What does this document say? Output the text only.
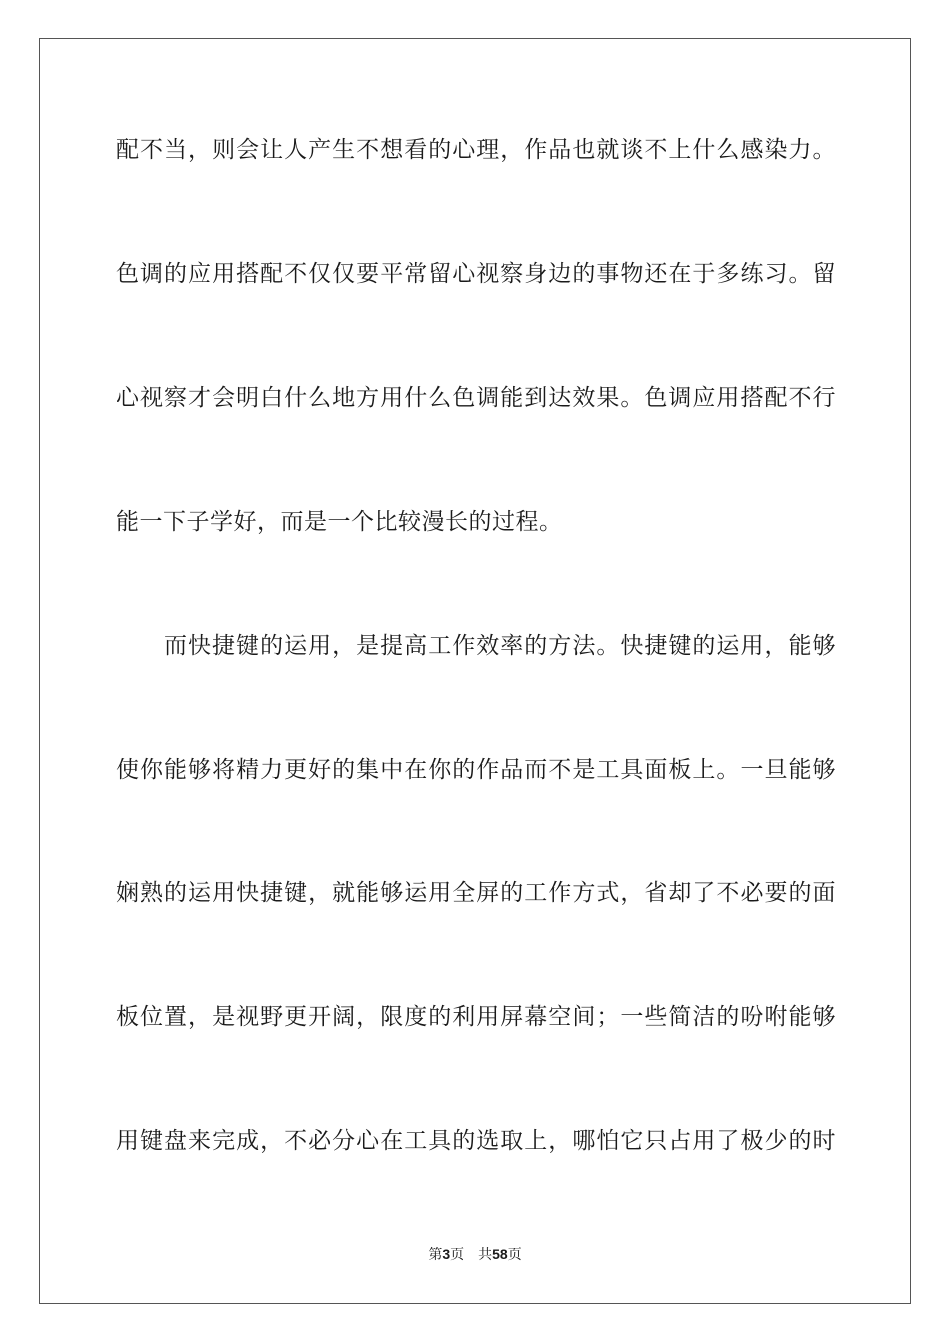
配不当，则会让人产生不想看的心理，作品也就谈不上什么感染力。
色调的应用搭配不仅仅要平常留心视察身边的事物还在于多练习。留
心视察才会明白什么地方用什么色调能到达效果。色调应用搭配不行
能一下子学好，而是一个比较漫长的过程。
而快捷键的运用，是提高工作效率的方法。快捷键的运用，能够
使你能够将精力更好的集中在你的作品而不是工具面板上。一旦能够
娴熟的运用快捷键，就能够运用全屏的工作方式，省却了不必要的面
板位置，是视野更开阔，限度的利用屏幕空间；一些简洁的吩咐能够
用键盘来完成，不必分心在工具的选取上，哪怕它只占用了极少的时
第3页 共58页
